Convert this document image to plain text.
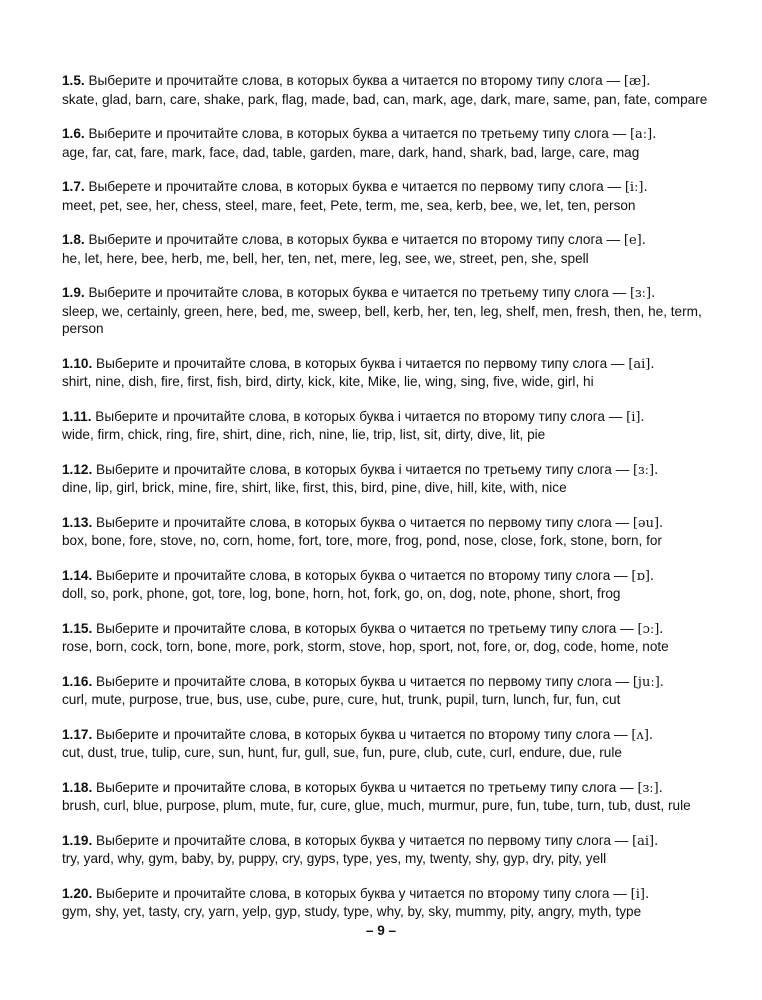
1.5. Выберите и прочитайте слова, в которых буква a читается по второму типу слога — [æ].
skate, glad, barn, care, shake, park, flag, made, bad, can, mark, age, dark, mare, same, pan, fate, compare
1.6. Выберите и прочитайте слова, в которых буква a читается по третьему типу слога — [aː].
age, far, cat, fare, mark, face, dad, table, garden, mare, dark, hand, shark, bad, large, care, mag
1.7. Выберете и прочитайте слова, в которых буква e читается по первому типу слога — [iː].
meet, pet, see, her, chess, steel, mare, feet, Pete, term, me, sea, kerb, bee, we, let, ten, person
1.8. Выберите и прочитайте слова, в которых буква e читается по второму типу слога — [e].
he, let, here, bee, herb, me, bell, her, ten, net, mere, leg, see, we, street, pen, she, spell
1.9. Выберите и прочитайте слова, в которых буква e читается по третьему типу слога — [ɜː].
sleep, we, certainly, green, here, bed, me, sweep, bell, kerb, her, ten, leg, shelf, men, fresh, then, he, term, person
1.10. Выберите и прочитайте слова, в которых буква i читается по первому типу слога — [ai].
shirt, nine, dish, fire, first, fish, bird, dirty, kick, kite, Mike, lie, wing, sing, five, wide, girl, hi
1.11. Выберите и прочитайте слова, в которых буква i читается по второму типу слога — [i].
wide, firm, chick, ring, fire, shirt, dine, rich, nine, lie, trip, list, sit, dirty, dive, lit, pie
1.12. Выберите и прочитайте слова, в которых буква i читается по третьему типу слога — [ɜː].
dine, lip, girl, brick, mine, fire, shirt, like, first, this, bird, pine, dive, hill, kite, with, nice
1.13. Выберите и прочитайте слова, в которых буква o читается по первому типу слога — [əu].
box, bone, fore, stove, no, corn, home, fort, tore, more, frog, pond, nose, close, fork, stone, born, for
1.14. Выберите и прочитайте слова, в которых буква o читается по второму типу слога — [ɒ].
doll, so, pork, phone, got, tore, log, bone, horn, hot, fork, go, on, dog, note, phone, short, frog
1.15. Выберите и прочитайте слова, в которых буква o читается по третьему типу слога — [ɔː].
rose, born, cock, torn, bone, more, pork, storm, stove, hop, sport, not, fore, or, dog, code, home, note
1.16. Выберите и прочитайте слова, в которых буква u читается по первому типу слога — [juː].
curl, mute, purpose, true, bus, use, cube, pure, cure, hut, trunk, pupil, turn, lunch, fur, fun, cut
1.17. Выберите и прочитайте слова, в которых буква u читается по второму типу слога — [ʌ].
cut, dust, true, tulip, cure, sun, hunt, fur, gull, sue, fun, pure, club, cute, curl, endure, due, rule
1.18. Выберите и прочитайте слова, в которых буква u читается по третьему типу слога — [ɜː].
brush, curl, blue, purpose, plum, mute, fur, cure, glue, much, murmur, pure, fun, tube, turn, tub, dust, rule
1.19. Выберите и прочитайте слова, в которых буква y читается по первому типу слога — [ai].
try, yard, why, gym, baby, by, puppy, cry, gyps, type, yes, my, twenty, shy, gyp, dry, pity, yell
1.20. Выберите и прочитайте слова, в которых буква y читается по второму типу слога — [i].
gym, shy, yet, tasty, cry, yarn, yelp, gyp, study, type, why, by, sky, mummy, pity, angry, myth, type
– 9 –
